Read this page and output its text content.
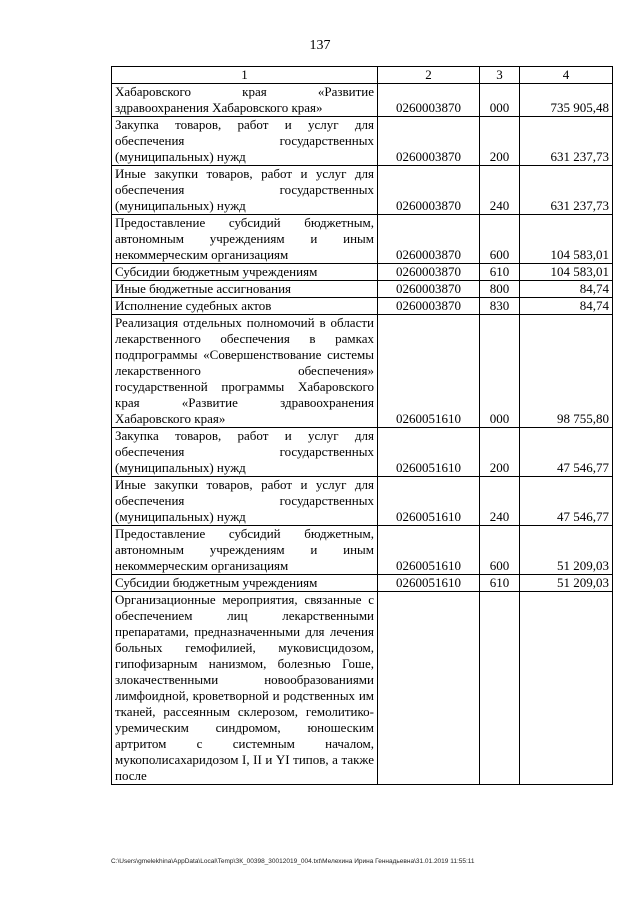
137
1	2	3	4
Хабаровского края «Развитие здравоохранения Хабаровского края»	0260003870	000	735 905,48
Закупка товаров, работ и услуг для обеспечения государственных (муниципальных) нужд	0260003870	200	631 237,73
Иные закупки товаров, работ и услуг для обеспечения государственных (муниципальных) нужд	0260003870	240	631 237,73
Предоставление субсидий бюджетным, автономным учреждениям и иным некоммерческим организациям	0260003870	600	104 583,01
Субсидии бюджетным учреждениям	0260003870	610	104 583,01
Иные бюджетные ассигнования	0260003870	800	84,74
Исполнение судебных актов	0260003870	830	84,74
Реализация отдельных полномочий в области лекарственного обеспечения в рамках подпрограммы «Совершенствование системы лекарственного обеспечения» государственной программы Хабаровского края «Развитие здравоохранения Хабаровского края»	0260051610	000	98 755,80
Закупка товаров, работ и услуг для обеспечения государственных (муниципальных) нужд	0260051610	200	47 546,77
Иные закупки товаров, работ и услуг для обеспечения государственных (муниципальных) нужд	0260051610	240	47 546,77
Предоставление субсидий бюджетным, автономным учреждениям и иным некоммерческим организациям	0260051610	600	51 209,03
Субсидии бюджетным учреждениям	0260051610	610	51 209,03
Организационные мероприятия, связанные с обеспечением лиц лекарственными препаратами, предназначенными для лечения больных гемофилией, муковисцидозом, гипофизарным нанизмом, болезнью Гоше, злокачественными новообразованиями лимфоидной, кроветворной и родственных им тканей, рассеянным склерозом, гемолитико-уремическим синдромом, юношеским артритом с системным началом, мукополисахаридозом I, II и YI типов, а также после			
C:\Users\gmelekhina\AppData\Local\Temp\ЗК_00398_30012019_004.txt\Мелехина Ирина Геннадьевна\31.01.2019 11:55:11
